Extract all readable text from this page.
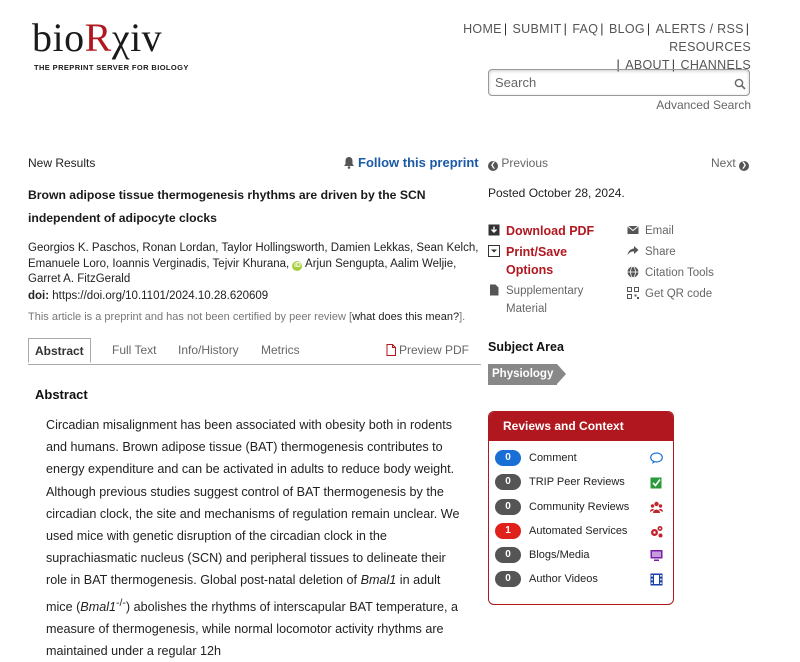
bioRχiv
THE PREPRINT SERVER FOR BIOLOGY
HOME | SUBMIT | FAQ | BLOG | ALERTS / RSS | RESOURCES
| ABOUT | CHANNELS
Search
Advanced Search
New Results	Follow this preprint
Brown adipose tissue thermogenesis rhythms are driven by the SCN independent of adipocyte clocks
Georgios K. Paschos, Ronan Lordan, Taylor Hollingsworth, Damien Lekkas, Sean Kelch, Emanuele Loro, Ioannis Verginadis, Tejvir Khurana, iD Arjun Sengupta, Aalim Weljie, Garret A. FitzGerald
doi: https://doi.org/10.1101/2024.10.28.620609
This article is a preprint and has not been certified by peer review [what does this mean?].
Abstract	Full Text Info/History Metrics	Preview PDF
Abstract
Circadian misalignment has been associated with obesity both in rodents and humans. Brown adipose tissue (BAT) thermogenesis contributes to energy expenditure and can be activated in adults to reduce body weight. Although previous studies suggest control of BAT thermogenesis by the circadian clock, the site and mechanisms of regulation remain unclear. We used mice with genetic disruption of the circadian clock in the suprachiasmatic nucleus (SCN) and peripheral tissues to delineate their role in BAT thermogenesis. Global post-natal deletion of Bmal1 in adult mice (Bmal1-/-) abolishes the rhythms of interscapular BAT temperature, a measure of thermogenesis, while normal locomotor activity rhythms are maintained under a regular 12h
❮ Previous	Next ❯
Posted October 28, 2024.
Download PDF
Print/Save
Options
Supplementary
Material
Email
Share
Citation Tools
Get QR code
Subject Area
Physiology
Reviews and Context
0	Comment
0	TRIP Peer Reviews
0	Community Reviews
1	Automated Services
0	Blogs/Media
0	Author Videos
